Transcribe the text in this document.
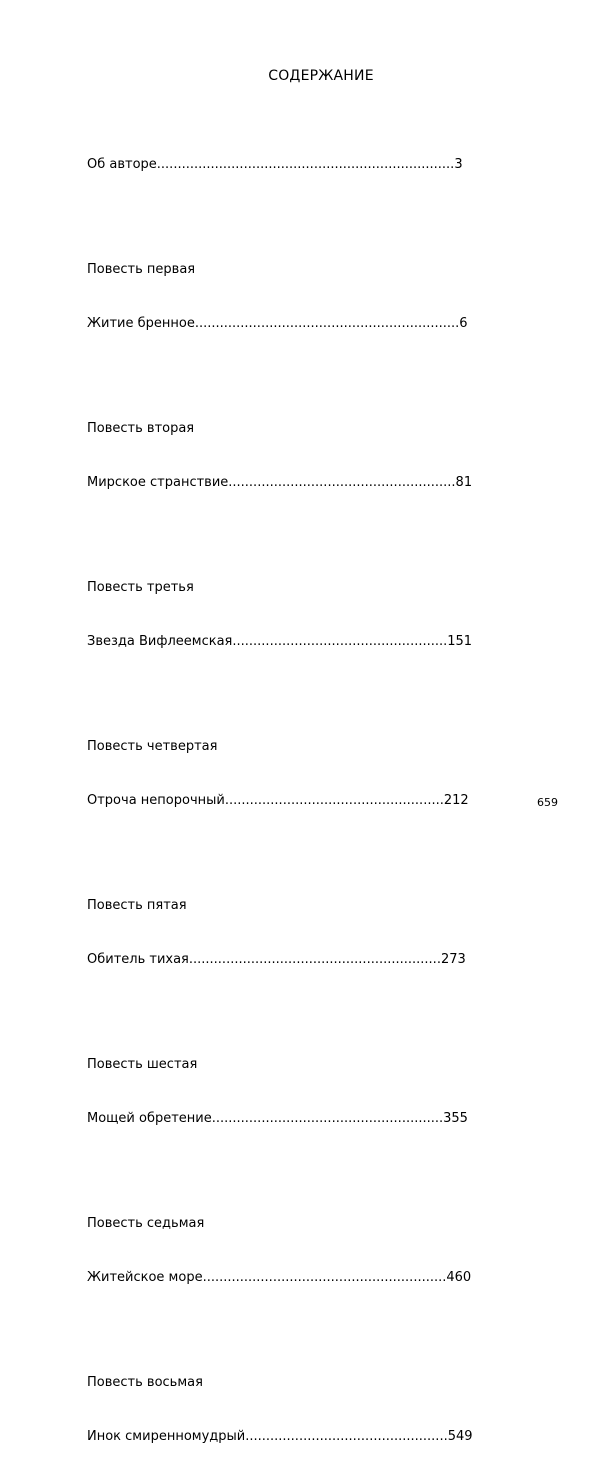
СОДЕРЖАНИЕ

Об авторе........................................................................3

Повесть первая

Житие бренное................................................................6

Повесть вторая

Мирское странствие.......................................................81

Повесть третья

Звезда Вифлеемская....................................................151

Повесть четвертая

Отроча непорочный.....................................................212

Повесть пятая

Обитель тихая.............................................................273

Повесть шестая

Мощей обретение........................................................355

Повесть седьмая

Житейское море...........................................................460

Повесть восьмая

Инок смиренномудрый.................................................549

659
